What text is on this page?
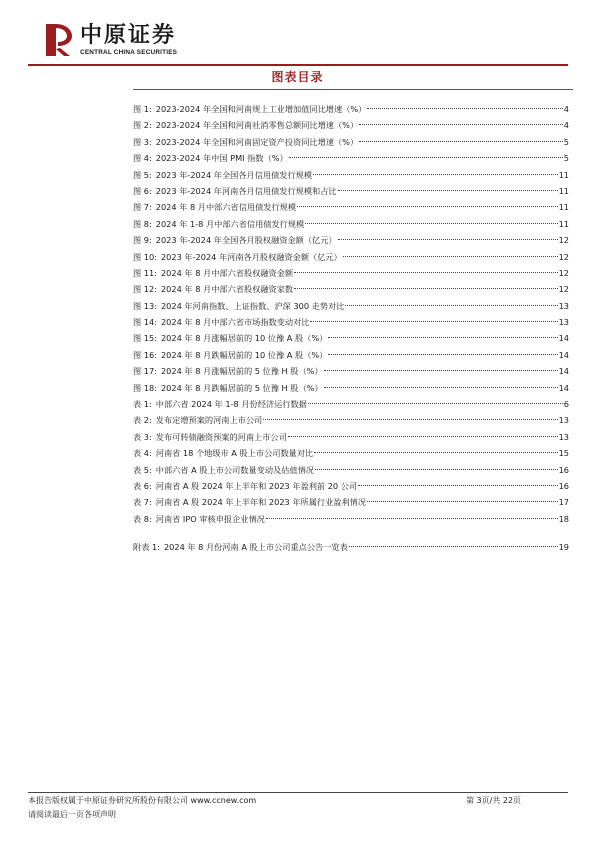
中原证券
CENTRAL CHINA SECURITIES
图表目录
图 1: 2023-2024 年全国和河南规上工业增加值同比增速（%）	4
图 2: 2023-2024 年全国和河南社消零售总额同比增速（%）	4
图 3: 2023-2024 年全国和河南固定资产投资同比增速（%）	5
图 4: 2023-2024 年中国 PMI 指数（%）	5
图 5: 2023 年-2024 年全国各月信用债发行规模	11
图 6: 2023 年-2024 年河南各月信用债发行规模和占比	11
图 7: 2024 年 8 月中部六省信用债发行规模	11
图 8: 2024 年 1-8 月中部六省信用债发行规模	11
图 9: 2023 年-2024 年全国各月股权融资金额（亿元）	12
图 10: 2023 年-2024 年河南各月股权融资金额（亿元）	12
图 11: 2024 年 8 月中部六省股权融资金额	12
图 12: 2024 年 8 月中部六省股权融资家数	12
图 13: 2024 年河南指数、上证指数、沪深 300 走势对比	13
图 14: 2024 年 8 月中部六省市场指数变动对比	13
图 15: 2024 年 8 月涨幅居前的 10 位豫 A 股（%）	14
图 16: 2024 年 8 月跌幅居前的 10 位豫 A 股（%）	14
图 17: 2024 年 8 月涨幅居前的 5 位豫 H 股（%）	14
图 18: 2024 年 8 月跌幅居前的 5 位豫 H 股（%）	14
表 1: 中部六省 2024 年 1-8 月份经济运行数据	6
表 2: 发布定增预案的河南上市公司	13
表 3: 发布可转债融资预案的河南上市公司	13
表 4: 河南省 18 个地级市 A 股上市公司数量对比	15
表 5: 中部六省 A 股上市公司数量变动及估值情况	16
表 6: 河南省 A 股 2024 年上半年和 2023 年盈利前 20 公司	16
表 7: 河南省 A 股 2024 年上半年和 2023 年所属行业盈利情况	17
表 8: 河南省 IPO 审核申报企业情况	18
附表 1: 2024 年 8 月份河南 A 股上市公司重点公告一览表	19
本报告版权属于中原证券研究所股份有限公司 www.ccnew.com
请阅读最后一页各项声明
第 3页/共 22页
